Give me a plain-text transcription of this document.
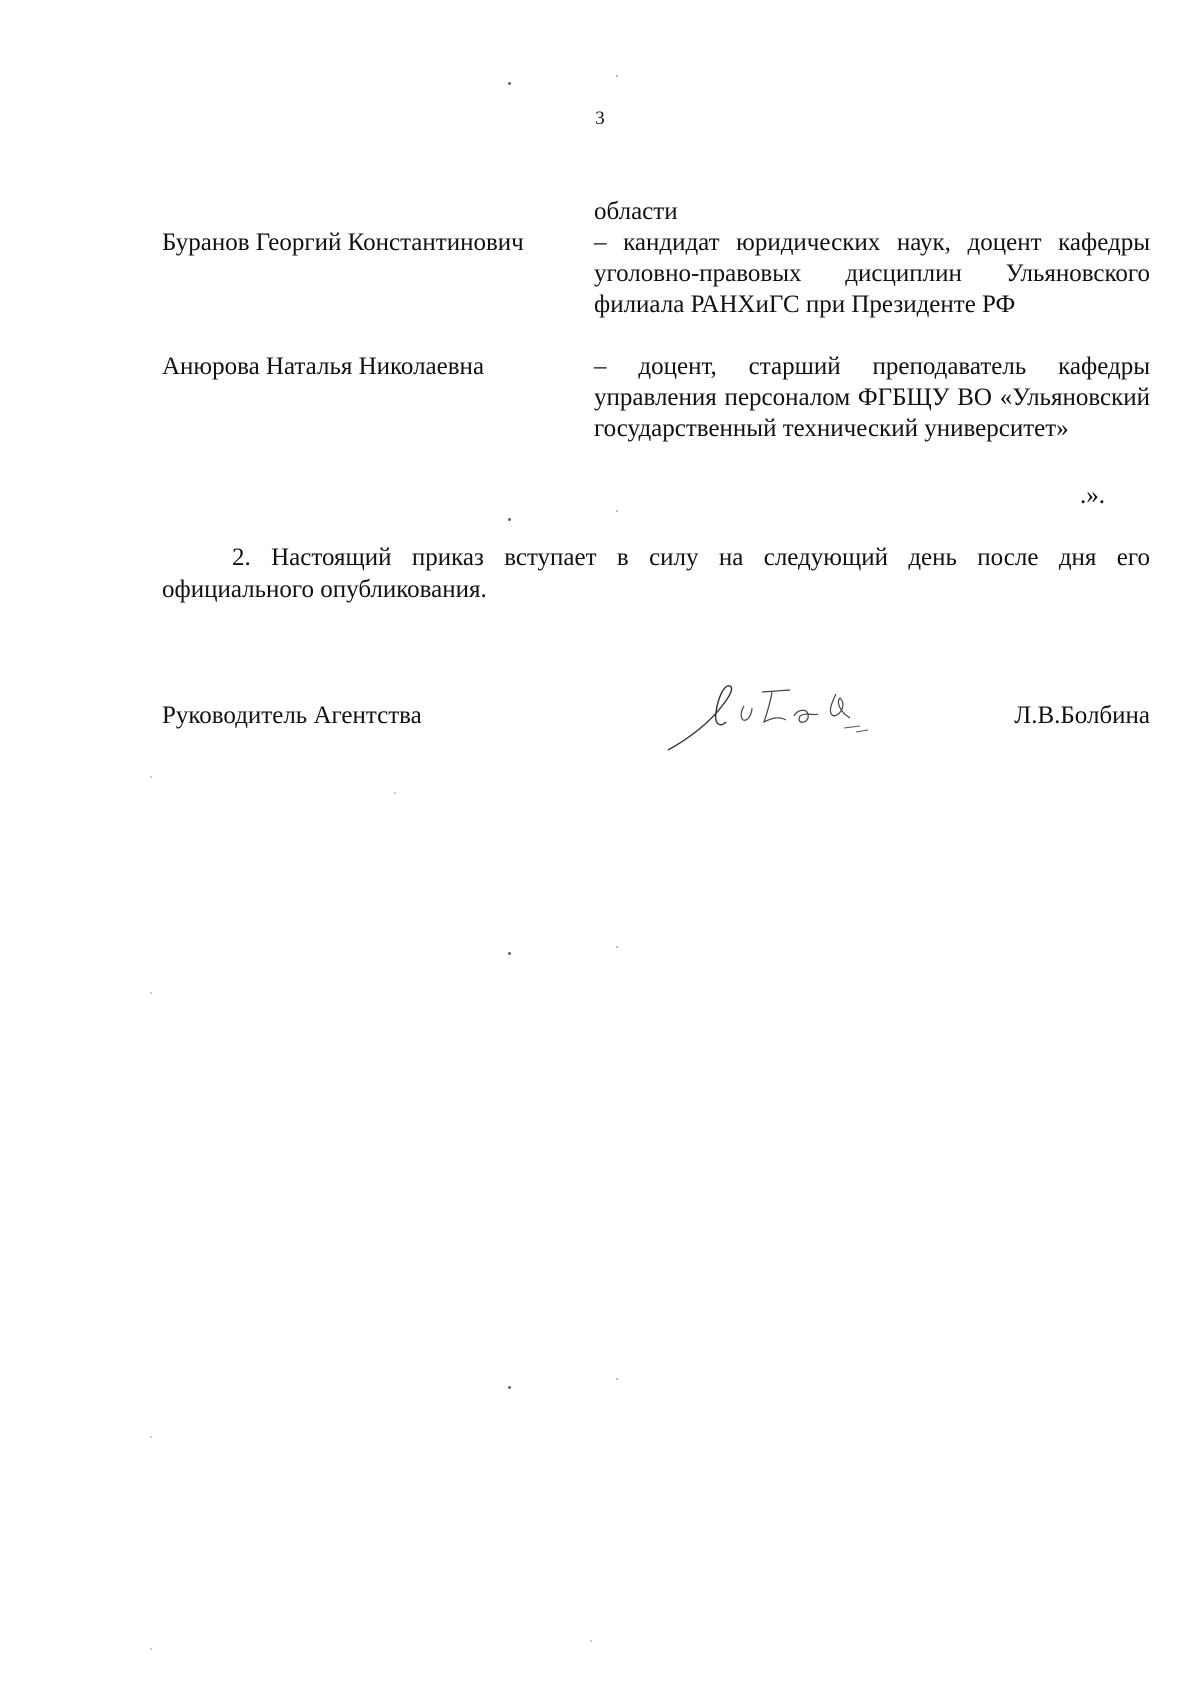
3
области
Буранов Георгий Константинович	– кандидат юридических наук, доцент кафедры уголовно-правовых дисциплин Ульяновского филиала РАНХиГС при Президенте РФ
Анюрова Наталья Николаевна	– доцент, старший преподаватель кафедры управления персоналом ФГБЩУ ВО «Ульяновский государственный технический университет»
.».
2. Настоящий приказ вступает в силу на следующий день после дня его официального опубликования.
Руководитель Агентства	Л.В.Болбина
